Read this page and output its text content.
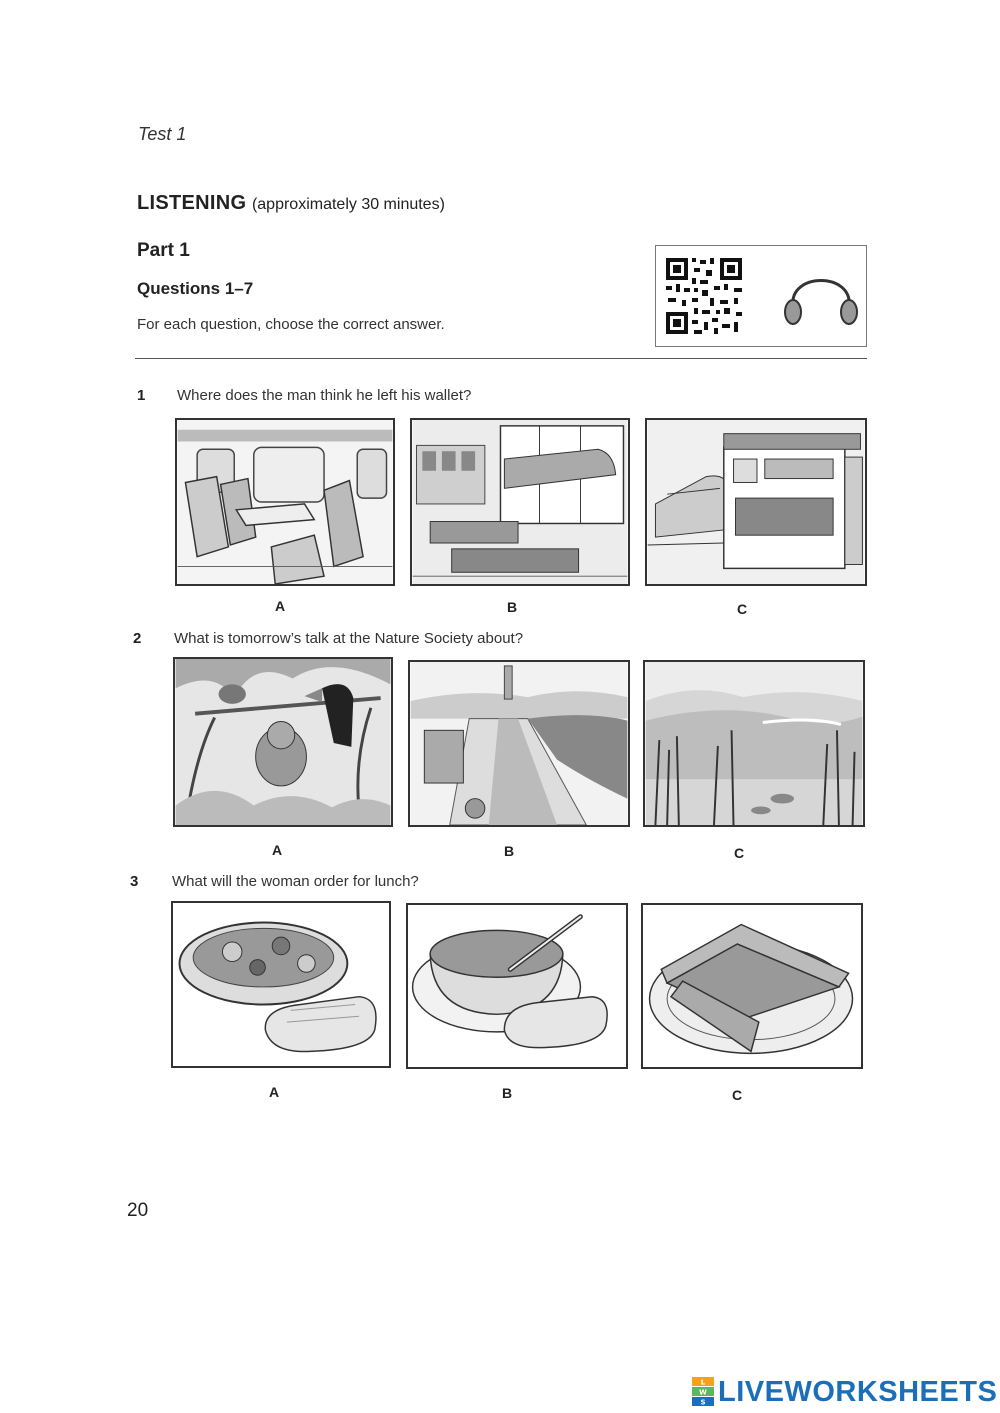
Test 1
LISTENING (approximately 30 minutes)
Part 1
Questions 1–7
For each question, choose the correct answer.
1 Where does the man think he left his wallet?
A	B	C
2 What is tomorrow’s talk at the Nature Society about?
A	B	C
3 What will the woman order for lunch?
A	B	C
20
L
W
S LIVEWORKSHEETS
